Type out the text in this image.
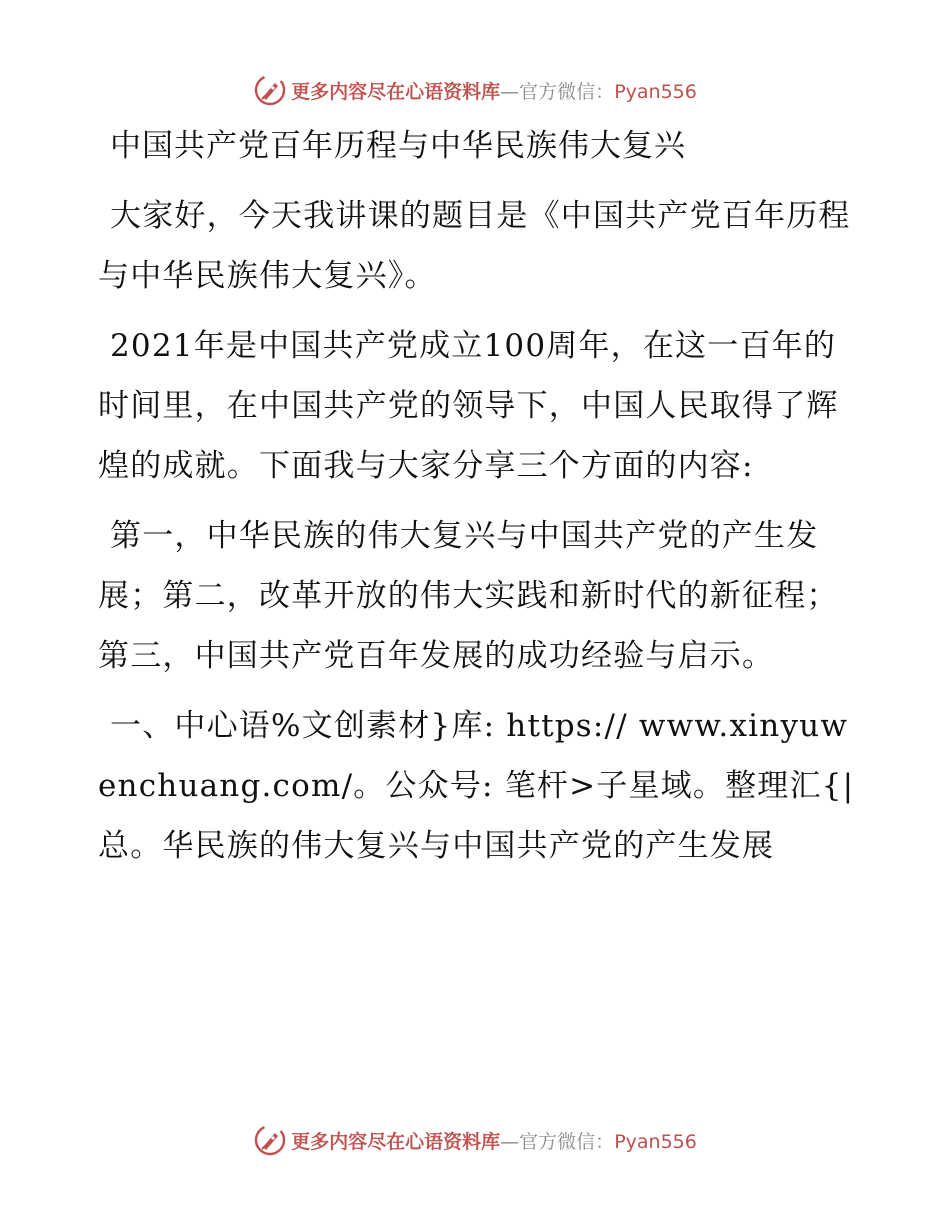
更多内容尽在心语资料库—官方微信：Pyan556
中国共产党百年历程与中华民族伟大复兴
大家好，今天我讲课的题目是《中国共产党百年历程与中华民族伟大复兴》。
2021年是中国共产党成立100周年，在这一百年的时间里，在中国共产党的领导下，中国人民取得了辉煌的成就。下面我与大家分享三个方面的内容:
第一，中华民族的伟大复兴与中国共产党的产生发展；第二，改革开放的伟大实践和新时代的新征程；第三，中国共产党百年发展的成功经验与启示。
一、中心语%文创素材}库: https:// www.xinyuwenchuang.com/。公众号: 笔杆>子星域。整理汇{|总。华民族的伟大复兴与中国共产党的产生发展
更多内容尽在心语资料库—官方微信：Pyan556
